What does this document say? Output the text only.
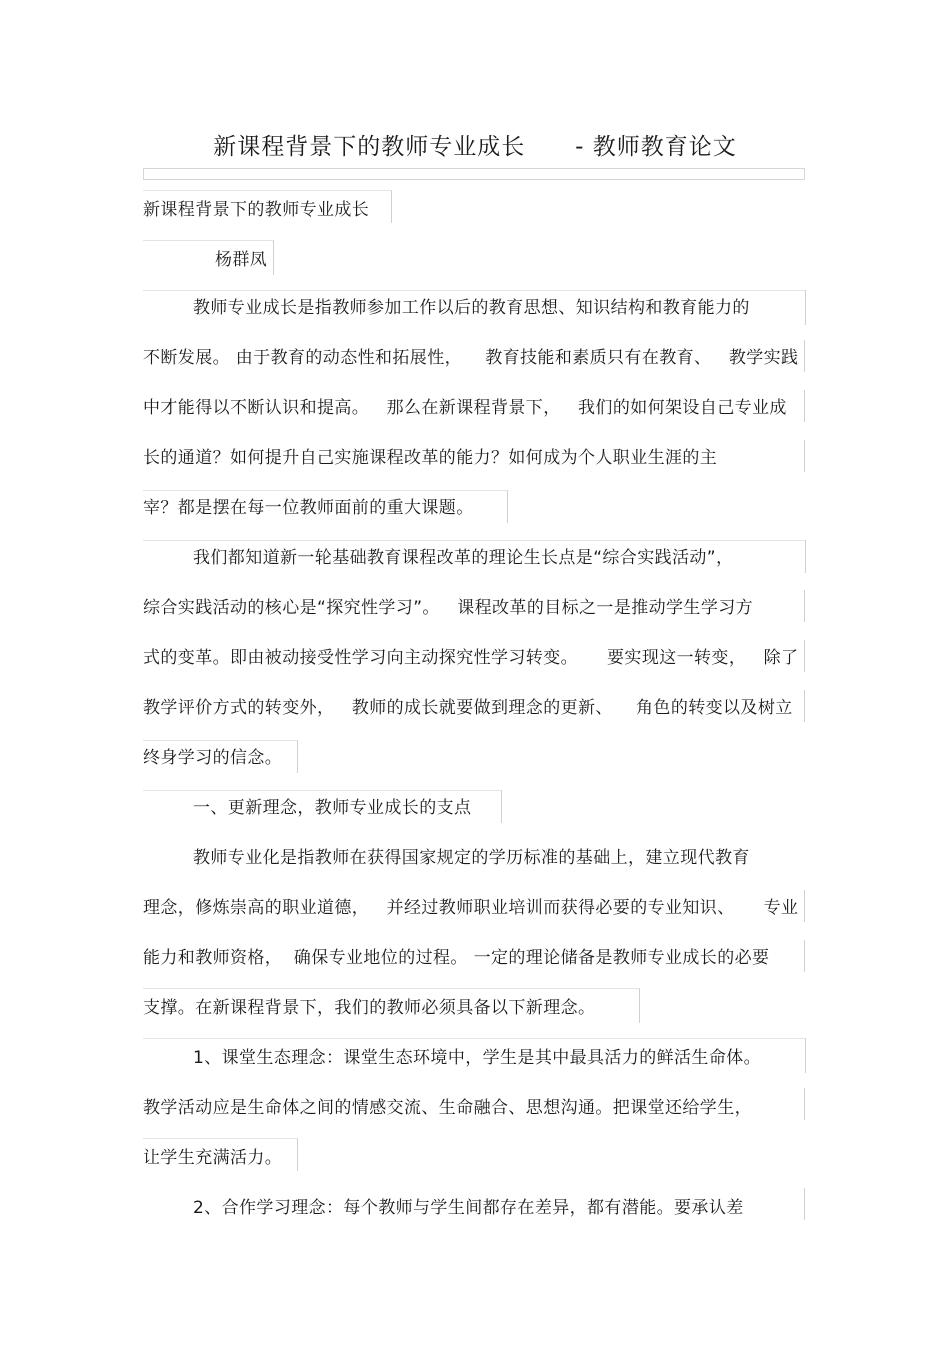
新课程背景下的教师专业成长      - 教师教育论文
新课程背景下的教师专业成长
杨群凤
教师专业成长是指教师参加工作以后的教育思想、知识结构和教育能力的
不断发展。 由于教育的动态性和拓展性，    教育技能和素质只有在教育、   教学实践
中才能得以不断认识和提高。   那么在新课程背景下，   我们的如何架设自己专业成
长的通道？如何提升自己实施课程改革的能力？如何成为个人职业生涯的主
宰？都是摆在每一位教师面前的重大课题。
我们都知道新一轮基础教育课程改革的理论生长点是“综合实践活动”，
综合实践活动的核心是“探究性学习”。   课程改革的目标之一是推动学生学习方
式的变革。即由被动接受性学习向主动探究性学习转变。     要实现这一转变，   除了
教学评价方式的转变外，   教师的成长就要做到理念的更新、    角色的转变以及树立
终身学习的信念。
一、更新理念，教师专业成长的支点
教师专业化是指教师在获得国家规定的学历标准的基础上，建立现代教育
理念，修炼崇高的职业道德，   并经过教师职业培训而获得必要的专业知识、     专业
能力和教师资格，  确保专业地位的过程。 一定的理论储备是教师专业成长的必要
支撑。在新课程背景下，我们的教师必须具备以下新理念。
1、课堂生态理念：课堂生态环境中，学生是其中最具活力的鲜活生命体。
教学活动应是生命体之间的情感交流、生命融合、思想沟通。把课堂还给学生，
让学生充满活力。
2、合作学习理念：每个教师与学生间都存在差异，都有潜能。要承认差
